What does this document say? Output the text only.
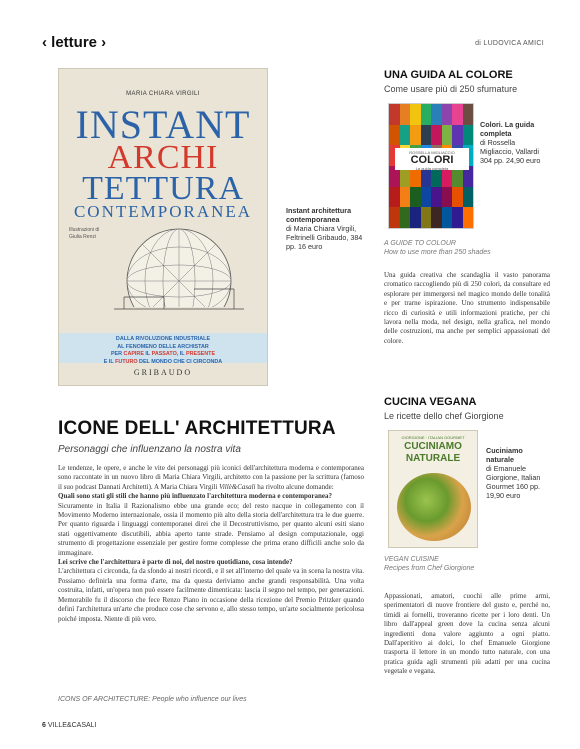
‹ letture ›	di LUDOVICA AMICI
MARIA CHIARA VIRGILI
INSTANT
ARCHI
TETTURA
CONTEMPORANEA
Illustrazioni di Giulia Renzi
DALLA RIVOLUZIONE INDUSTRIALE
AL FENOMENO DELLE ARCHISTAR
PER CAPIRE IL PASSATO, IL PRESENTE
E IL FUTURO DEL MONDO CHE CI CIRCONDA
GRIBAUDO
Instant architettura contemporanea
di Maria Chiara Virgili, Feltrinelli Gribaudo, 384 pp. 16 euro
ICONE DELL' ARCHITETTURA
Personaggi che influenzano la nostra vita

Le tendenze, le opere, e anche le vite dei personaggi più iconici dell'architettura moderna e contemporanea sono raccontate in un nuovo libro di Maria Chiara Virgili, architetto con la passione per la scrittura (famoso il suo podcast Dannati Architetti). A Maria Chiara Virgili Villè&Casali ha rivolto alcune domande:

Quali sono stati gli stili che hanno più influenzato l'architettura moderna e contemporanea?

Sicuramente in Italia il Razionalismo ebbe una grande eco; del resto nacque in collegamento con il Movimento Moderno internazionale, ossia il momento più alto della storia dell'architettura tra le due guerre. Per quanto riguarda i linguaggi contemporanei direi che il Decostruttivismo, per quanto alcuni esiti siano stati oggettivamente discutibili, abbia aperto tante strade. Pensiamo al design computazionale, oggi strumento di progettazione essenziale per gestire forme complesse che prima erano difficili anche solo da immaginare.

Lei scrive che l'architettura è parte di noi, del nostro quotidiano, cosa intende?

L'architettura ci circonda, fa da sfondo ai nostri ricordi, e il set all'interno del quale va in scena la nostra vita. Possiamo definirla una forma d'arte, ma da questa deriviamo anche grandi responsabilità. Una volta costruita, infatti, un'opera non può essere facilmente dimenticata: lascia il segno nel tempo, per generazioni. Memorabile fu il discorso che fece Renzo Piano in occasione della ricezione del Premio Pritzker quando definì l'architettura un'arte che produce cose che servono e, allo stesso tempo, un'arte socialmente pericolosa poiché imposta. Niente di più vero.

ICONS OF ARCHITECTURE: People who influence our lives
UNA GUIDA AL COLORE
Come usare più di 250 sfumature
ROSSELLA MIGLIACCIO
COLORI
La guida completa
Colori. La guida completa
di Rossella Migliaccio, Vallardi 304 pp. 24,90 euro
A GUIDE TO COLOUR
How to use more than 250 shades
Una guida creativa che scandaglia il vasto panorama cromatico raccogliendo più di 250 colori, da consultare ed esplorare per immergersi nel magico mondo delle tonalità e per trarne ispirazione. Uno strumento indispensabile ricco di curiosità e utili informazioni pratiche, per chi lavora nella moda, nel design, nella grafica, nel mondo delle costruzioni, ma anche per semplici appassionati del colore.
CUCINA VEGANA
Le ricette dello chef Giorgione
GIORGIONE · ITALIAN GOURMET
CUCINIAMO
NATURALE
Cuciniamo naturale
di Emanuele Giorgione, Italian Gourmet 160 pp. 19,90 euro
VEGAN CUISINE
Recipes from Chef Giorgione
Appassionati, amatori, cuochi alle prime armi, sperimentatori di nuove frontiere del gusto e, perché no, timidi ai fornelli, troveranno ricette per i loro denti. Un libro dall'appeal green dove la cucina senza alcuni ingredienti dona valore aggiunto a ogni piatto. Dall'aperitivo ai dolci, lo chef Emanuele Giorgione trasporta il lettore in un mondo tutto naturale, con una pratica guida agli strumenti più adatti per una cucina vegetale e vegana.
6 VILLE&CASALI
